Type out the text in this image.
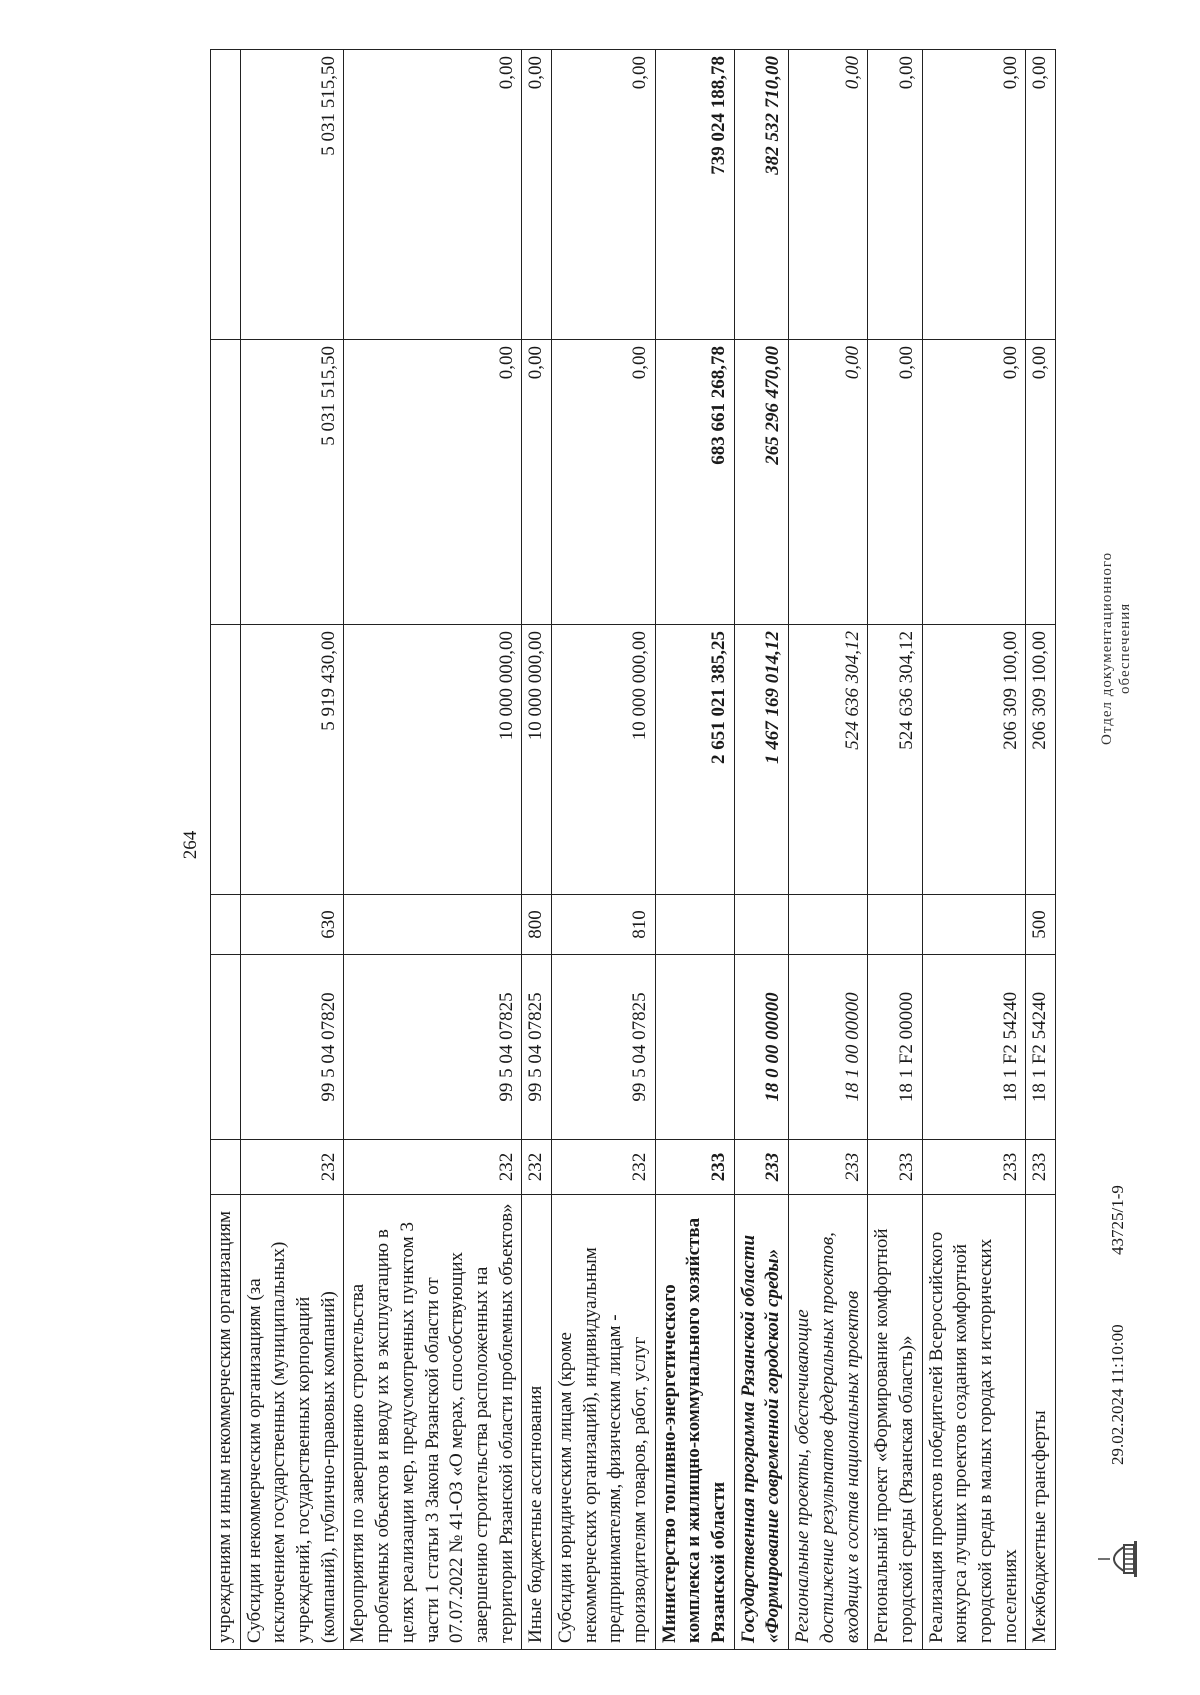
264
учреждениям и иным некоммерческим организациям						
Субсидии некоммерческим организациям (за исключением государственных (муниципальных) учреждений, государственных корпораций (компаний), публично-правовых компаний)	232	99 5 04 07820	630	5 919 430,00	5 031 515,50	5 031 515,50
Мероприятия по завершению строительства проблемных объектов и вводу их в эксплуатацию в целях реализации мер, предусмотренных пунктом 3 части 1 статьи 3 Закона Рязанской области от 07.07.2022 № 41-ОЗ «О мерах, способствующих завершению строительства расположенных на территории Рязанской области проблемных объектов»	232	99 5 04 07825		10 000 000,00	0,00	0,00
Иные бюджетные ассигнования	232	99 5 04 07825	800	10 000 000,00	0,00	0,00
Субсидии юридическим лицам (кроме некоммерческих организаций), индивидуальным предпринимателям, физическим лицам - производителям товаров, работ, услуг	232	99 5 04 07825	810	10 000 000,00	0,00	0,00
Министерство топливно-энергетического комплекса и жилищно-коммунального хозяйства Рязанской области	233			2 651 021 385,25	683 661 268,78	739 024 188,78
Государственная программа Рязанской области «Формирование современной городской среды»	233	18 0 00 00000		1 467 169 014,12	265 296 470,00	382 532 710,00
Региональные проекты, обеспечивающие достижение результатов федеральных проектов, входящих в состав национальных проектов	233	18 1 00 00000		524 636 304,12	0,00	0,00
Региональный проект «Формирование комфортной городской среды (Рязанская область)»	233	18 1 F2 00000		524 636 304,12	0,00	0,00
Реализация проектов победителей Всероссийского конкурса лучших проектов создания комфортной городской среды в малых городах и исторических поселениях	233	18 1 F2 54240		206 309 100,00	0,00	0,00
Межбюджетные трансферты	233	18 1 F2 54240	500	206 309 100,00	0,00	0,00
29.02.2024 11:10:00
43725/1-9
Отдел документационного обеспечения
